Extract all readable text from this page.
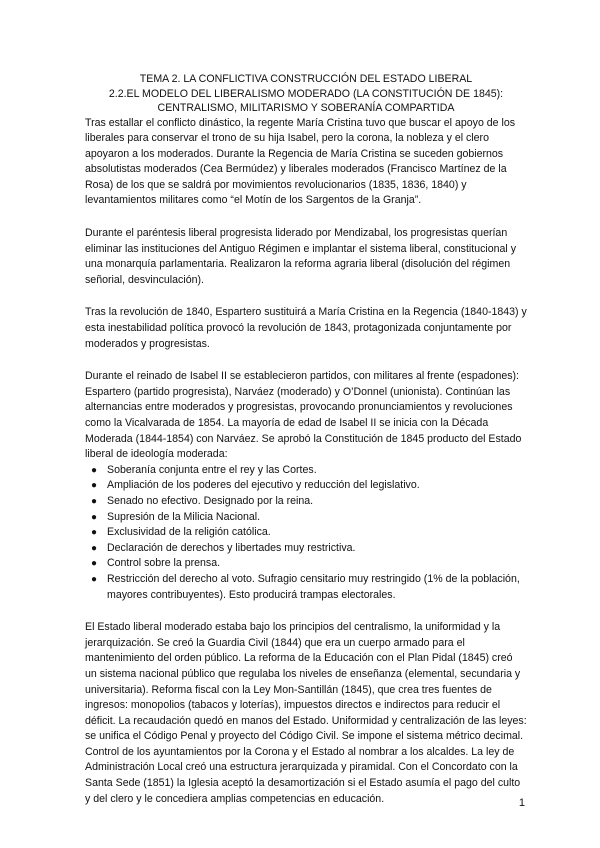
TEMA 2. LA CONFLICTIVA CONSTRUCCIÓN DEL ESTADO LIBERAL

2.2.EL MODELO DEL LIBERALISMO MODERADO (LA CONSTITUCIÓN DE 1845):

CENTRALISMO, MILITARISMO Y SOBERANÍA COMPARTIDA

Tras estallar el conflicto dinástico, la regente María Cristina tuvo que buscar el apoyo de los liberales para conservar el trono de su hija Isabel, pero la corona, la nobleza y el clero apoyaron a los moderados. Durante la Regencia de María Cristina se suceden gobiernos absolutistas moderados (Cea Bermúdez) y liberales moderados (Francisco Martínez de la Rosa) de los que se saldrá por movimientos revolucionarios (1835, 1836, 1840) y levantamientos militares como “el Motín de los Sargentos de la Granja”.

Durante el paréntesis liberal progresista liderado por Mendizabal, los progresistas querían eliminar las instituciones del Antiguo Régimen e implantar el sistema liberal, constitucional y una monarquía parlamentaria. Realizaron la reforma agraria liberal (disolución del régimen señorial, desvinculación).

Tras la revolución de 1840, Espartero sustituirá a María Cristina en la Regencia (1840-1843) y esta inestabilidad política provocó la revolución de 1843, protagonizada conjuntamente por moderados y progresistas.

Durante el reinado de Isabel II se establecieron partidos, con militares al frente (espadones): Espartero (partido progresista), Narváez (moderado) y O’Donnel (unionista). Continúan las alternancias entre moderados y progresistas, provocando pronunciamientos y revoluciones como la Vicalvarada de 1854. La mayoría de edad de Isabel II se inicia con la Década Moderada (1844-1854) con Narváez. Se aprobó la Constitución de 1845 producto del Estado liberal de ideología moderada:

● Soberanía conjunta entre el rey y las Cortes.
● Ampliación de los poderes del ejecutivo y reducción del legislativo.
● Senado no efectivo. Designado por la reina.
● Supresión de la Milicia Nacional.
● Exclusividad de la religión católica.
● Declaración de derechos y libertades muy restrictiva.
● Control sobre la prensa.
● Restricción del derecho al voto. Sufragio censitario muy restringido (1% de la población, mayores contribuyentes). Esto producirá trampas electorales.

El Estado liberal moderado estaba bajo los principios del centralismo, la uniformidad y la jerarquización. Se creó la Guardia Civil (1844) que era un cuerpo armado para el mantenimiento del orden público. La reforma de la Educación con el Plan Pidal (1845) creó un sistema nacional público que regulaba los niveles de enseñanza (elemental, secundaria y universitaria). Reforma fiscal con la Ley Mon-Santillán (1845), que crea tres fuentes de ingresos: monopolios (tabacos y loterías), impuestos directos e indirectos para reducir el déficit. La recaudación quedó en manos del Estado. Uniformidad y centralización de las leyes: se unifica el Código Penal y proyecto del Código Civil. Se impone el sistema métrico decimal. Control de los ayuntamientos por la Corona y el Estado al nombrar a los alcaldes. La ley de Administración Local creó una estructura jerarquizada y piramidal. Con el Concordato con la Santa Sede (1851) la Iglesia aceptó la desamortización si el Estado asumía el pago del culto y del clero y le concediera amplias competencias en educación.	1
